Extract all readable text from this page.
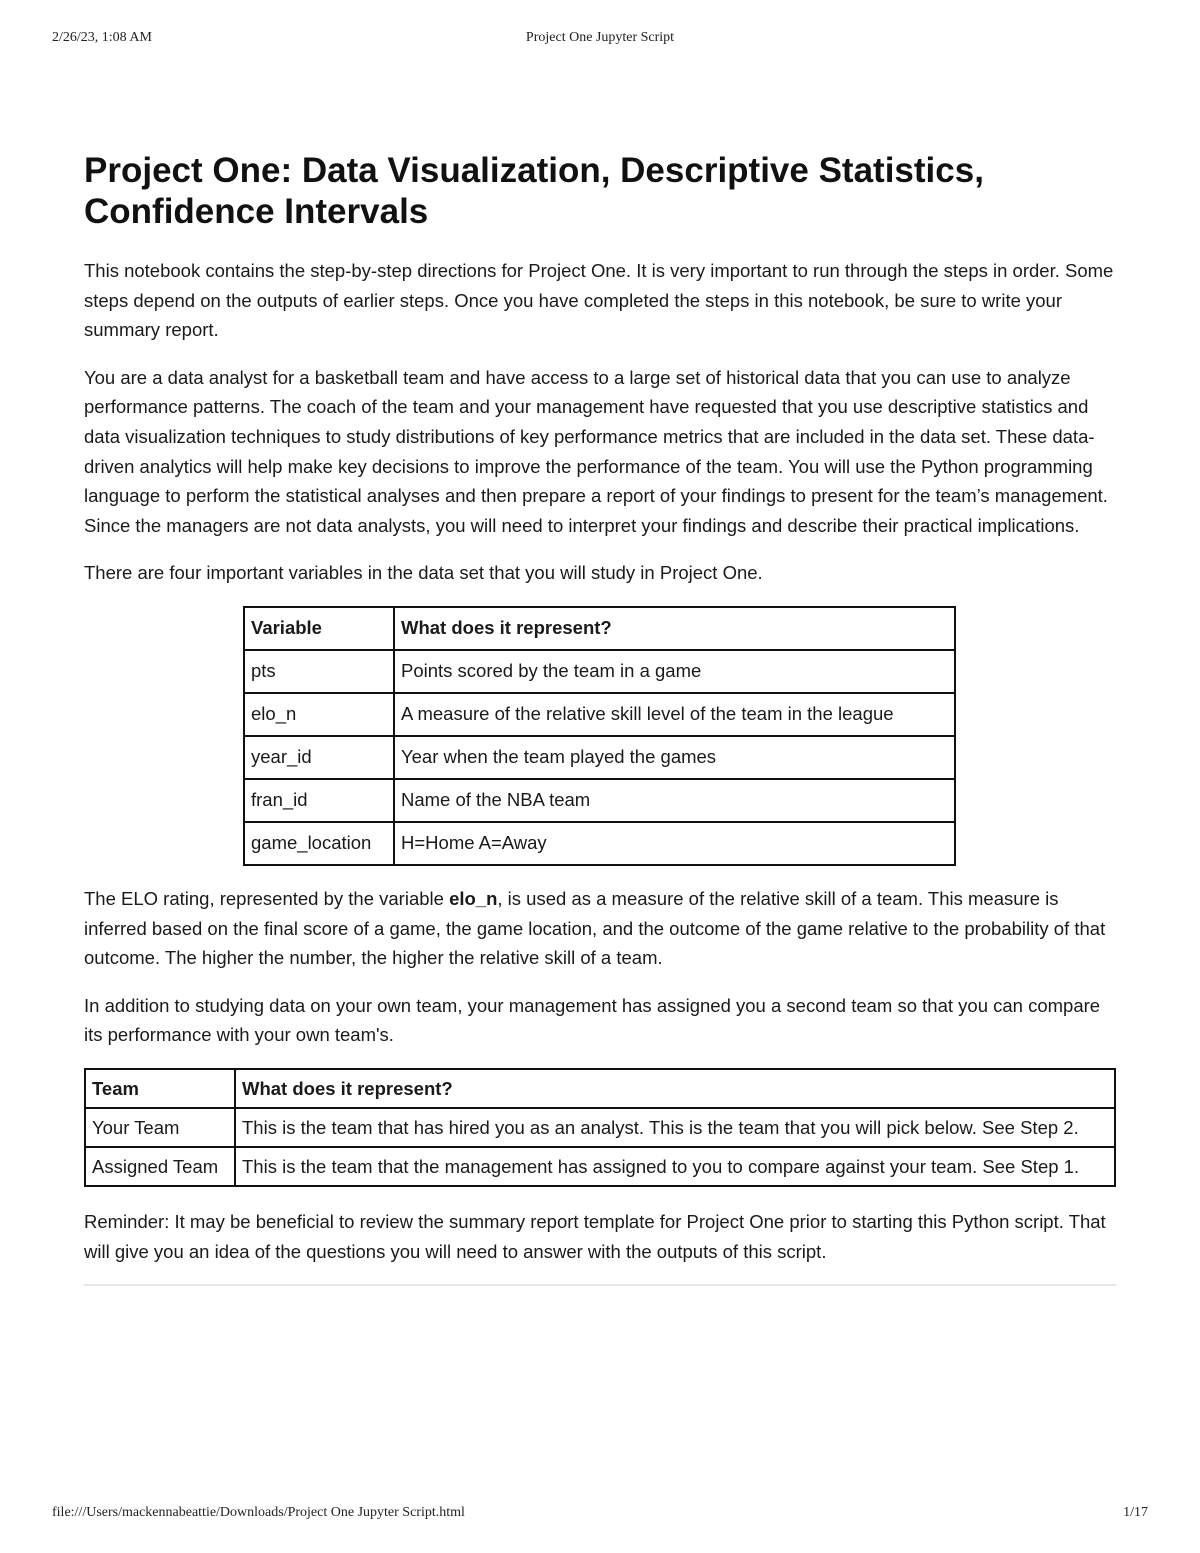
2/26/23, 1:08 AM	Project One Jupyter Script
Project One: Data Visualization, Descriptive Statistics, Confidence Intervals

This notebook contains the step-by-step directions for Project One. It is very important to run through the steps in order. Some steps depend on the outputs of earlier steps. Once you have completed the steps in this notebook, be sure to write your summary report.

You are a data analyst for a basketball team and have access to a large set of historical data that you can use to analyze performance patterns. The coach of the team and your management have requested that you use descriptive statistics and data visualization techniques to study distributions of key performance metrics that are included in the data set. These data-driven analytics will help make key decisions to improve the performance of the team. You will use the Python programming language to perform the statistical analyses and then prepare a report of your findings to present for the team’s management. Since the managers are not data analysts, you will need to interpret your findings and describe their practical implications.

There are four important variables in the data set that you will study in Project One.

Variable	What does it represent?
pts	Points scored by the team in a game
elo_n	A measure of the relative skill level of the team in the league
year_id	Year when the team played the games
fran_id	Name of the NBA team
game_location	H=Home A=Away

The ELO rating, represented by the variable elo_n, is used as a measure of the relative skill of a team. This measure is inferred based on the final score of a game, the game location, and the outcome of the game relative to the probability of that outcome. The higher the number, the higher the relative skill of a team.

In addition to studying data on your own team, your management has assigned you a second team so that you can compare its performance with your own team's.

Team	What does it represent?
Your Team	This is the team that has hired you as an analyst. This is the team that you will pick below. See Step 2.
Assigned Team	This is the team that the management has assigned to you to compare against your team. See Step 1.

Reminder: It may be beneficial to review the summary report template for Project One prior to starting this Python script. That will give you an idea of the questions you will need to answer with the outputs of this script.

file:///Users/mackennabeattie/Downloads/Project One Jupyter Script.html	1/17
